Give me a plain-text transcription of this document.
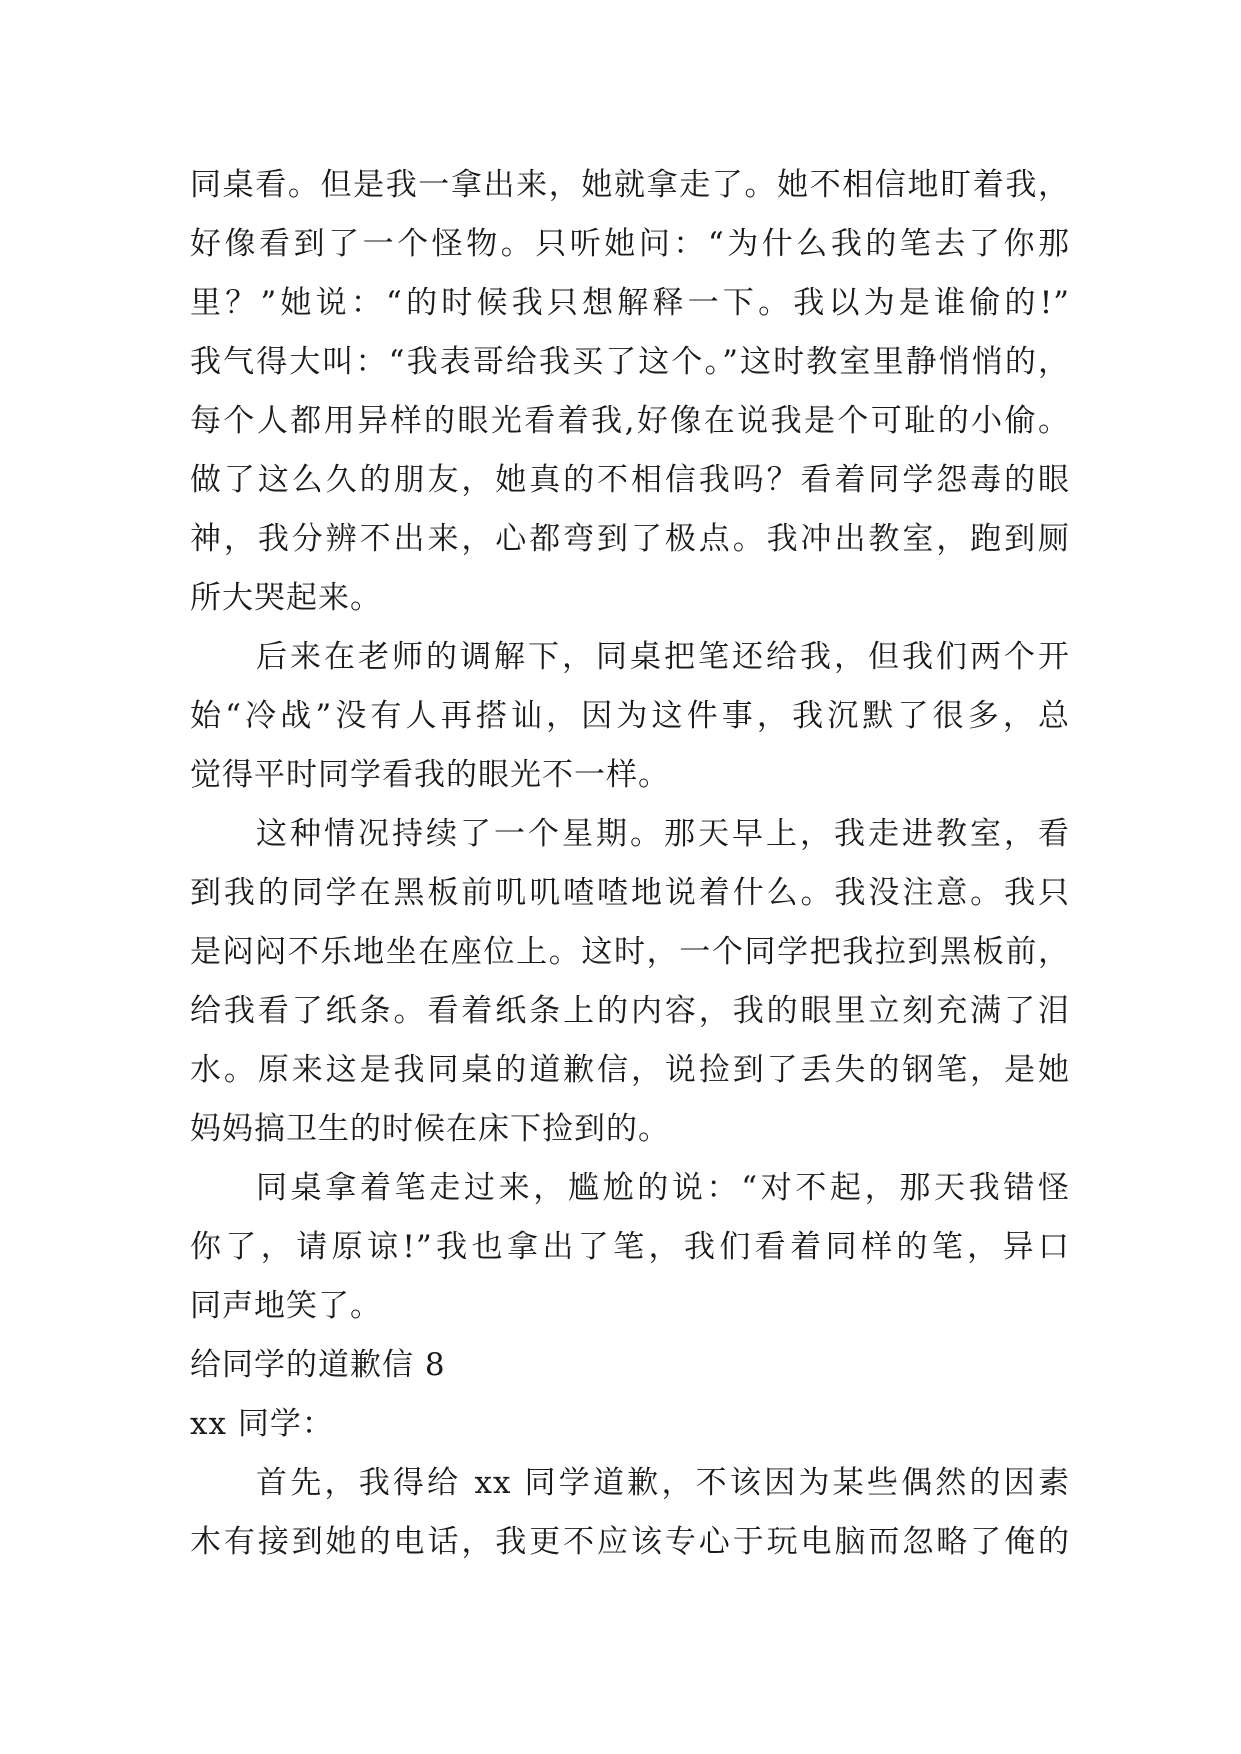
同桌看。但是我一拿出来，她就拿走了。她不相信地盯着我，
好像看到了一个怪物。只听她问：“为什么我的笔去了你那
里？”她说：“的时候我只想解释一下。我以为是谁偷的!”
我气得大叫：“我表哥给我买了这个。”这时教室里静悄悄的，
每个人都用异样的眼光看着我,好像在说我是个可耻的小偷。
做了这么久的朋友，她真的不相信我吗？看着同学怨毒的眼
神，我分辨不出来，心都弯到了极点。我冲出教室，跑到厕
所大哭起来。
后来在老师的调解下，同桌把笔还给我，但我们两个开
始“冷战”没有人再搭讪，因为这件事，我沉默了很多，总
觉得平时同学看我的眼光不一样。
这种情况持续了一个星期。那天早上，我走进教室，看
到我的同学在黑板前叽叽喳喳地说着什么。我没注意。我只
是闷闷不乐地坐在座位上。这时，一个同学把我拉到黑板前，
给我看了纸条。看着纸条上的内容，我的眼里立刻充满了泪
水。原来这是我同桌的道歉信，说捡到了丢失的钢笔，是她
妈妈搞卫生的时候在床下捡到的。
同桌拿着笔走过来，尴尬的说：“对不起，那天我错怪
你了，请原谅!”我也拿出了笔，我们看着同样的笔，异口
同声地笑了。
给同学的道歉信 8
xx 同学：
首先，我得给 xx 同学道歉，不该因为某些偶然的因素
木有接到她的电话，我更不应该专心于玩电脑而忽略了俺的
